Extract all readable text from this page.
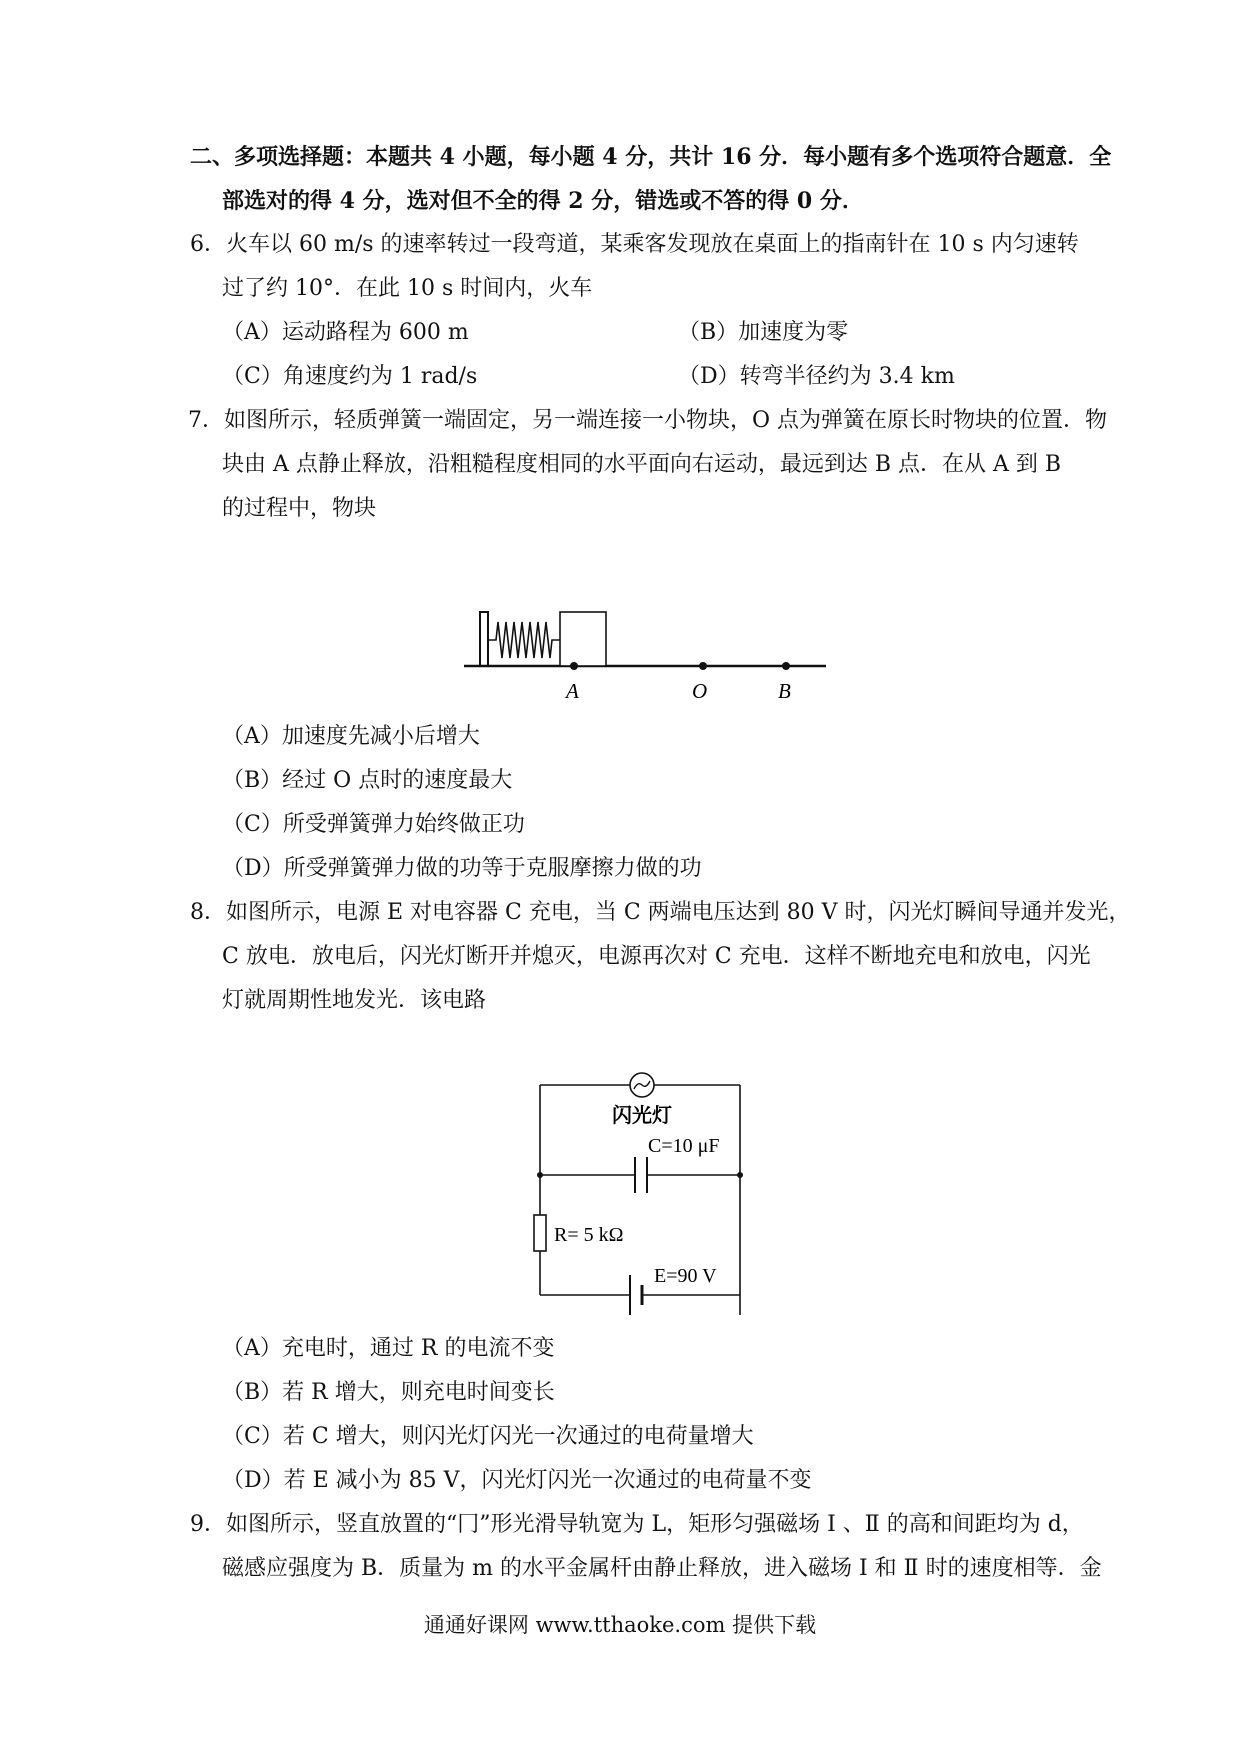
二、多项选择题：本题共 4 小题，每小题 4 分，共计 16 分．每小题有多个选项符合题意．全
部选对的得 4 分，选对但不全的得 2 分，错选或不答的得 0 分．
6．火车以 60 m/s 的速率转过一段弯道，某乘客发现放在桌面上的指南针在 10 s 内匀速转
过了约 10°．在此 10 s 时间内，火车
（A）运动路程为 600 m	（B）加速度为零
（C）角速度约为 1 rad/s	（D）转弯半径约为 3.4 km
7．如图所示，轻质弹簧一端固定，另一端连接一小物块，O 点为弹簧在原长时物块的位置．物
块由 A 点静止释放，沿粗糙程度相同的水平面向右运动，最远到达 B 点．在从 A 到 B
的过程中，物块
A	O	B
（A）加速度先减小后增大
（B）经过 O 点时的速度最大
（C）所受弹簧弹力始终做正功
（D）所受弹簧弹力做的功等于克服摩擦力做的功
8．如图所示，电源 E 对电容器 C 充电，当 C 两端电压达到 80 V 时，闪光灯瞬间导通并发光，
C 放电．放电后，闪光灯断开并熄灭，电源再次对 C 充电．这样不断地充电和放电，闪光
灯就周期性地发光．该电路
闪光灯
C=10 μF
R= 5 kΩ
E=90 V
（A）充电时，通过 R 的电流不变
（B）若 R 增大，则充电时间变长
（C）若 C 增大，则闪光灯闪光一次通过的电荷量增大
（D）若 E 减小为 85 V，闪光灯闪光一次通过的电荷量不变
9．如图所示，竖直放置的“冂”形光滑导轨宽为 L，矩形匀强磁场 Ⅰ 、Ⅱ 的高和间距均为 d，
磁感应强度为 B．质量为 m 的水平金属杆由静止释放，进入磁场 Ⅰ 和 Ⅱ 时的速度相等．金
通通好课网 www.tthaoke.com 提供下载
